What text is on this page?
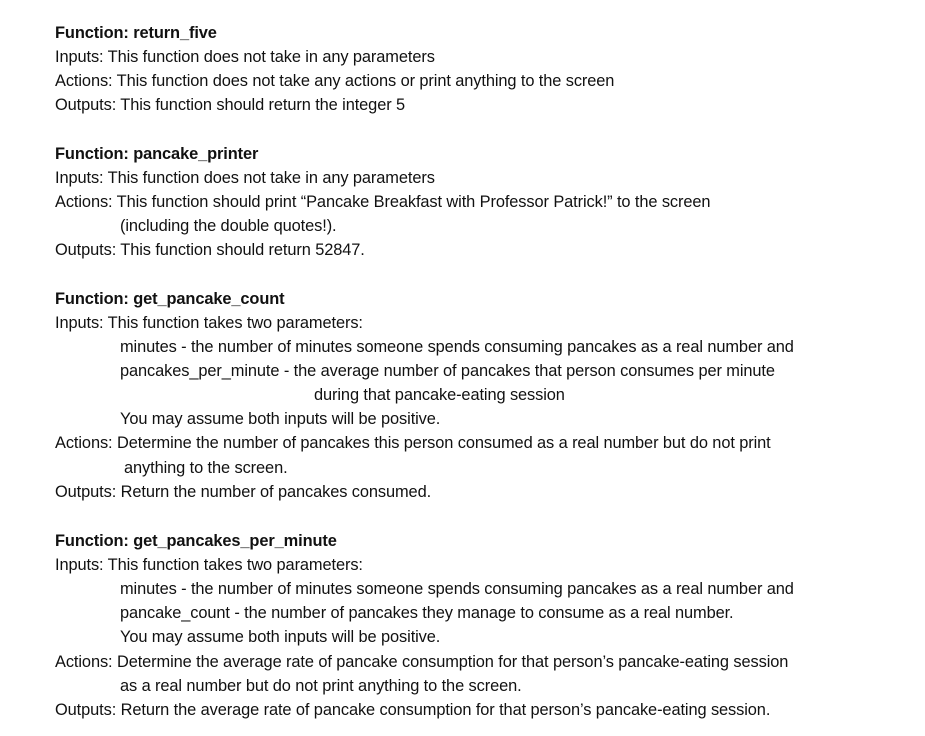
Function: return_five
Inputs: This function does not take in any parameters
Actions: This function does not take any actions or print anything to the screen
Outputs: This function should return the integer 5
Function: pancake_printer
Inputs: This function does not take in any parameters
Actions: This function should print “Pancake Breakfast with Professor Patrick!” to the screen
(including the double quotes!).
Outputs: This function should return 52847.
Function: get_pancake_count
Inputs: This function takes two parameters:
minutes - the number of minutes someone spends consuming pancakes as a real number and
pancakes_per_minute - the average number of pancakes that person consumes per minute
during that pancake-eating session
You may assume both inputs will be positive.
Actions: Determine the number of pancakes this person consumed as a real number but do not print
anything to the screen.
Outputs: Return the number of pancakes consumed.
Function: get_pancakes_per_minute
Inputs: This function takes two parameters:
minutes - the number of minutes someone spends consuming pancakes as a real number and
pancake_count - the number of pancakes they manage to consume as a real number.
You may assume both inputs will be positive.
Actions: Determine the average rate of pancake consumption for that person’s pancake-eating session
as a real number but do not print anything to the screen.
Outputs: Return the average rate of pancake consumption for that person’s pancake-eating session.
